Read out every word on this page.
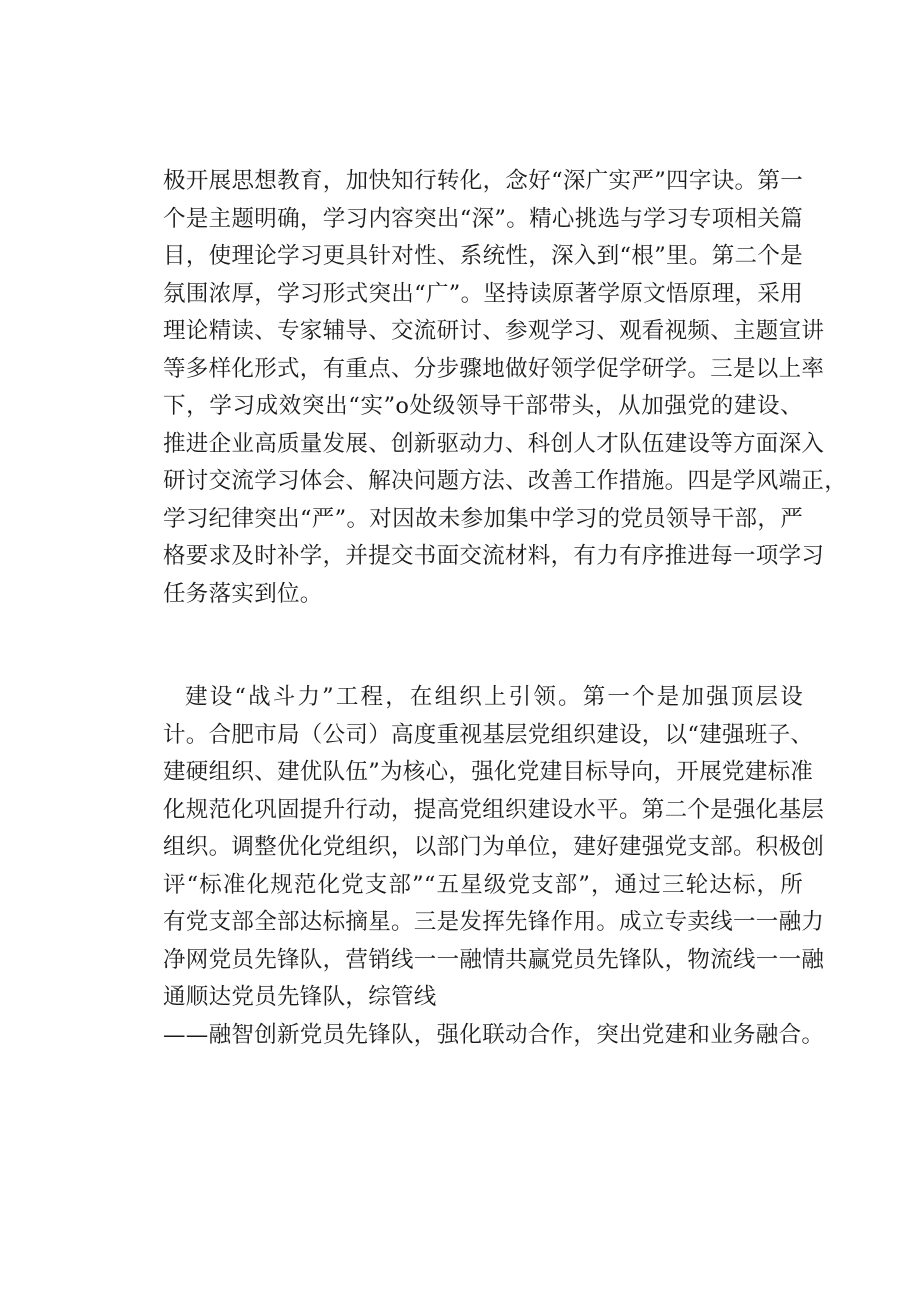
极开展思想教育，加快知行转化，念好“深广实严”四字诀。第一
个是主题明确，学习内容突出“深”。精心挑选与学习专项相关篇
目，使理论学习更具针对性、系统性，深入到“根”里。第二个是
氛围浓厚，学习形式突出“广”。坚持读原著学原文悟原理，采用
理论精读、专家辅导、交流研讨、参观学习、观看视频、主题宣讲
等多样化形式，有重点、分步骤地做好领学促学研学。三是以上率
下，学习成效突出“实”o处级领导干部带头，从加强党的建设、
推进企业高质量发展、创新驱动力、科创人才队伍建设等方面深入
研讨交流学习体会、解决问题方法、改善工作措施。四是学风端正，
学习纪律突出“严”。对因故未参加集中学习的党员领导干部，严
格要求及时补学，并提交书面交流材料，有力有序推进每一项学习
任务落实到位。
建设“战斗力”工程，在组织上引领。第一个是加强顶层设
计。合肥市局（公司）高度重视基层党组织建设，以“建强班子、
建硬组织、建优队伍”为核心，强化党建目标导向，开展党建标准
化规范化巩固提升行动，提高党组织建设水平。第二个是强化基层
组织。调整优化党组织，以部门为单位，建好建强党支部。积极创
评“标准化规范化党支部”“五星级党支部”，通过三轮达标，所
有党支部全部达标摘星。三是发挥先锋作用。成立专卖线一一融力
净网党员先锋队，营销线一一融情共赢党员先锋队，物流线一一融
通顺达党员先锋队，综管线
——融智创新党员先锋队，强化联动合作，突出党建和业务融合。
